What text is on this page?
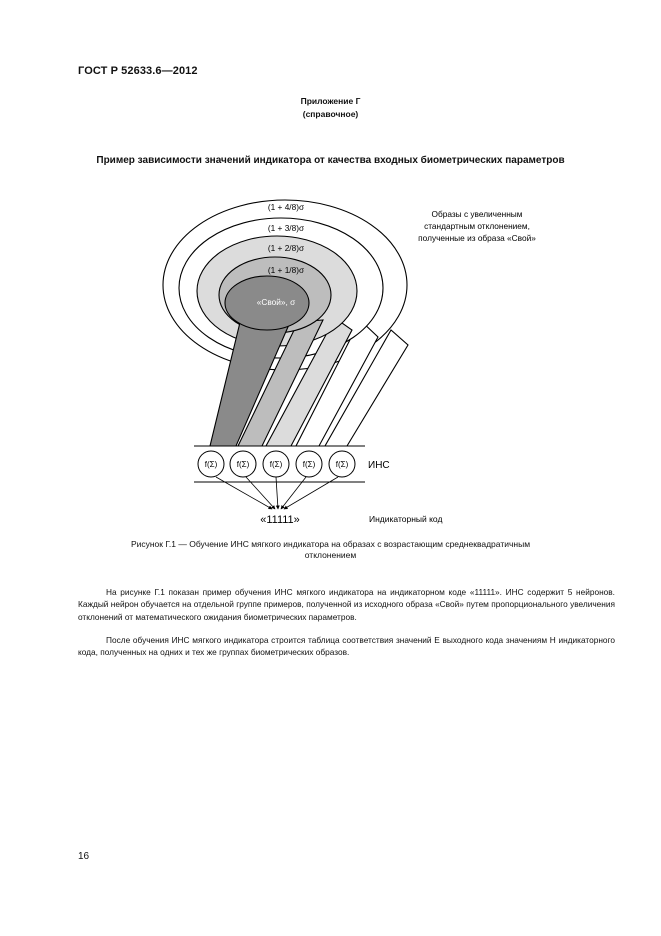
ГОСТ Р 52633.6—2012
Приложение Г
(справочное)
Пример зависимости значений индикатора от качества входных биометрических параметров
(1 + 4/8)σ
(1 + 3/8)σ
(1 + 2/8)σ
(1 + 1/8)σ
«Свой», σ
Образы с увеличенным
стандартным отклонением,
полученные из образа «Свой»
f(Σ) f(Σ)	f(Σ)	f(Σ)	f(Σ) ИНС
«11111»	Индикаторный код
Рисунок Г.1 — Обучение ИНС мягкого индикатора на образах с возрастающим среднеквадратичным
отклонением
На рисунке Г.1 показан пример обучения ИНС мягкого индикатора на индикаторном коде «11111». ИНС содержит 5 нейронов. Каждый нейрон обучается на отдельной группе примеров, полученной из исходного образа «Свой» путем пропорционального увеличения отклонений от математического ожидания биометрических параметров.
После обучения ИНС мягкого индикатора строится таблица соответствия значений E выходного кода значениям H индикаторного кода, полученных на одних и тех же группах биометрических образов.
16
